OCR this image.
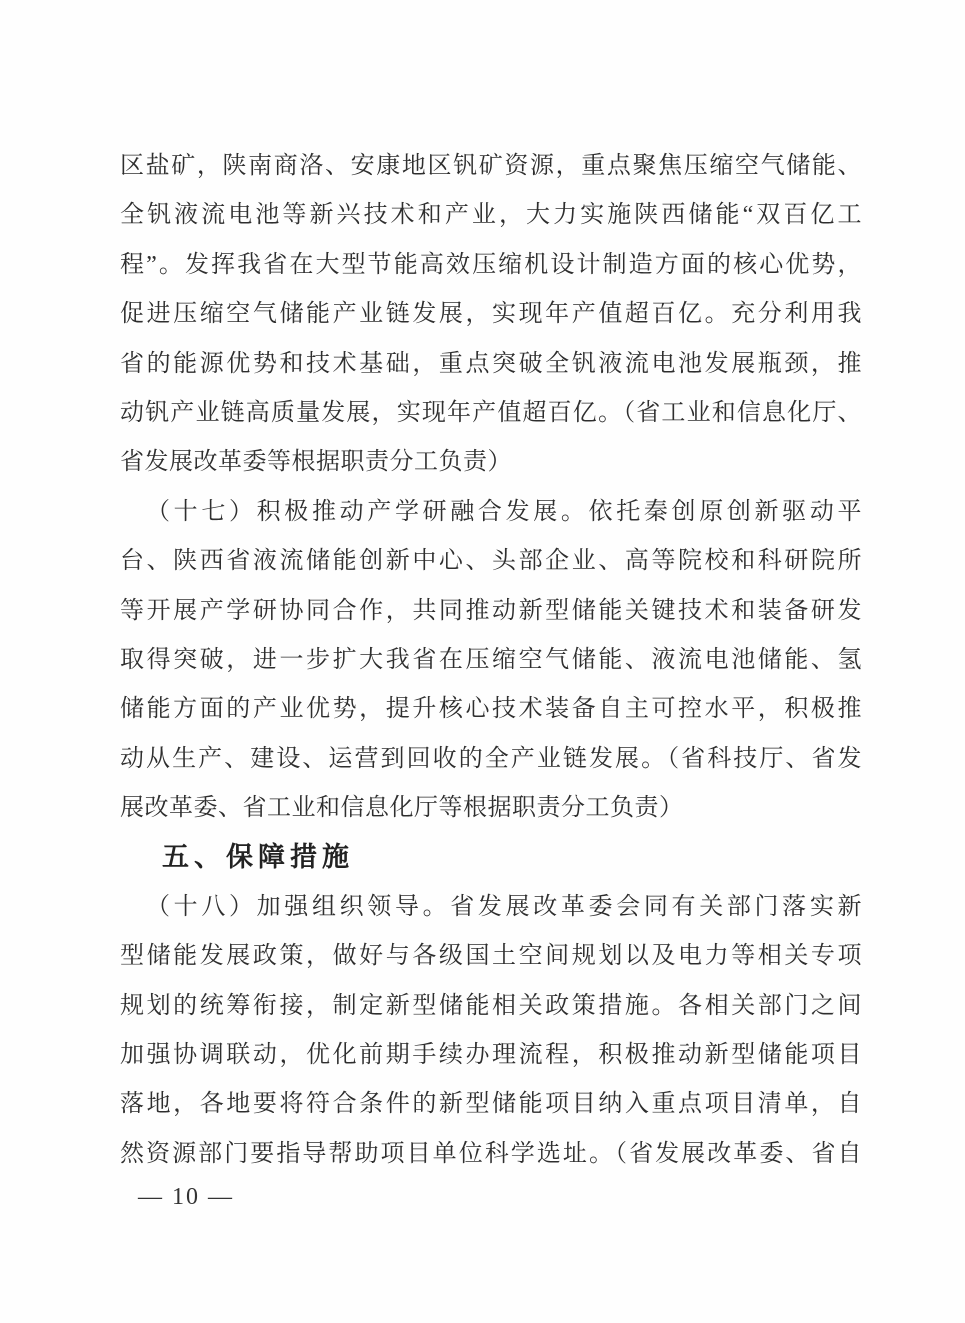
区盐矿，陕南商洛、安康地区钒矿资源，重点聚焦压缩空气储能、
全钒液流电池等新兴技术和产业，大力实施陕西储能“双百亿工
程”。发挥我省在大型节能高效压缩机设计制造方面的核心优势，
促进压缩空气储能产业链发展，实现年产值超百亿。充分利用我
省的能源优势和技术基础，重点突破全钒液流电池发展瓶颈，推
动钒产业链高质量发展，实现年产值超百亿。（省工业和信息化厅、
省发展改革委等根据职责分工负责）
（十七）积极推动产学研融合发展。依托秦创原创新驱动平
台、陕西省液流储能创新中心、头部企业、高等院校和科研院所
等开展产学研协同合作，共同推动新型储能关键技术和装备研发
取得突破，进一步扩大我省在压缩空气储能、液流电池储能、氢
储能方面的产业优势，提升核心技术装备自主可控水平，积极推
动从生产、建设、运营到回收的全产业链发展。（省科技厅、省发
展改革委、省工业和信息化厅等根据职责分工负责）
五、保障措施
（十八）加强组织领导。省发展改革委会同有关部门落实新
型储能发展政策，做好与各级国土空间规划以及电力等相关专项
规划的统筹衔接，制定新型储能相关政策措施。各相关部门之间
加强协调联动，优化前期手续办理流程，积极推动新型储能项目
落地，各地要将符合条件的新型储能项目纳入重点项目清单，自
然资源部门要指导帮助项目单位科学选址。（省发展改革委、省自
— 10 —
